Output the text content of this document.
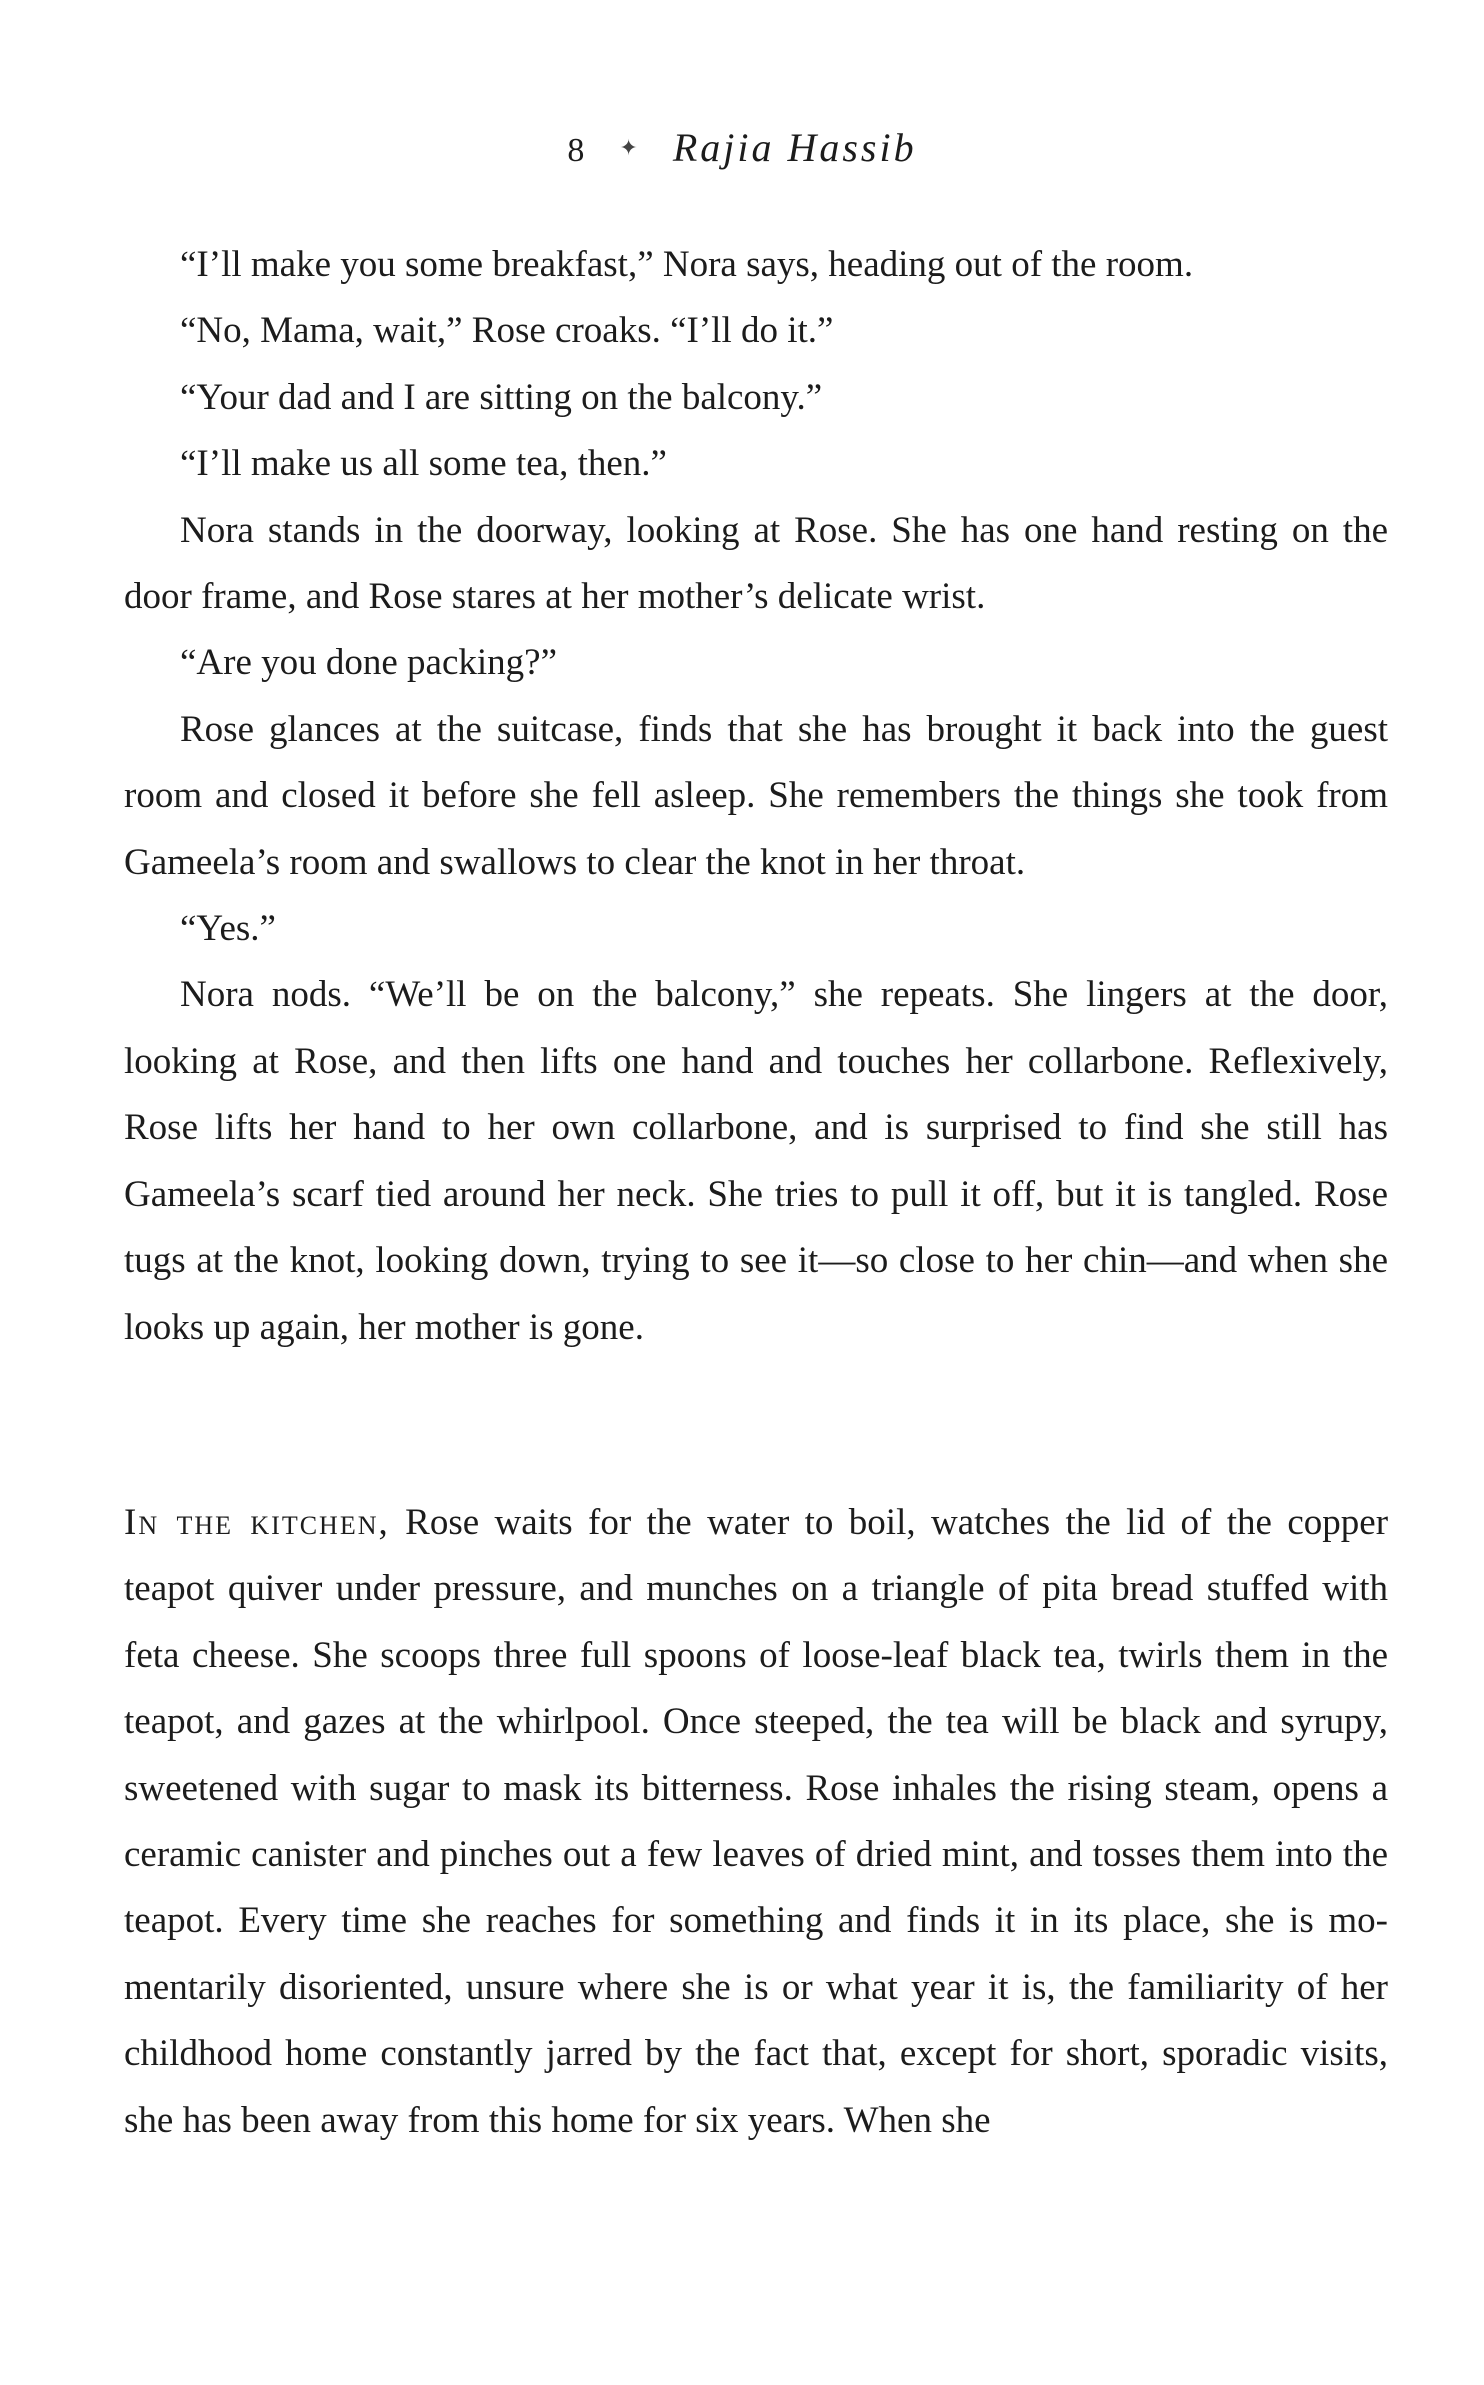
8 ✦ Rajia Hassib

“I’ll make you some breakfast,” Nora says, heading out of the room.

“No, Mama, wait,” Rose croaks. “I’ll do it.”

“Your dad and I are sitting on the balcony.”

“I’ll make us all some tea, then.”

Nora stands in the doorway, looking at Rose. She has one hand resting on the door frame, and Rose stares at her mother’s delicate wrist.

“Are you done packing?”

Rose glances at the suitcase, finds that she has brought it back into the guest room and closed it before she fell asleep. She remembers the things she took from Gameela’s room and swallows to clear the knot in her throat.

“Yes.”

Nora nods. “We’ll be on the balcony,” she repeats. She lingers at the door, looking at Rose, and then lifts one hand and touches her collarbone. Reflexively, Rose lifts her hand to her own collarbone, and is surprised to find she still has Gameela’s scarf tied around her neck. She tries to pull it off, but it is tangled. Rose tugs at the knot, looking down, trying to see it—so close to her chin—and when she looks up again, her mother is gone.

In the kitchen, Rose waits for the water to boil, watches the lid of the copper teapot quiver under pressure, and munches on a triangle of pita bread stuffed with feta cheese. She scoops three full spoons of loose-leaf black tea, twirls them in the teapot, and gazes at the whirlpool. Once steeped, the tea will be black and syrupy, sweetened with sugar to mask its bitterness. Rose inhales the rising steam, opens a ceramic canister and pinches out a few leaves of dried mint, and tosses them into the teapot. Every time she reaches for something and finds it in its place, she is momentarily disoriented, unsure where she is or what year it is, the familiarity of her childhood home constantly jarred by the fact that, except for short, sporadic visits, she has been away from this home for six years. When she
